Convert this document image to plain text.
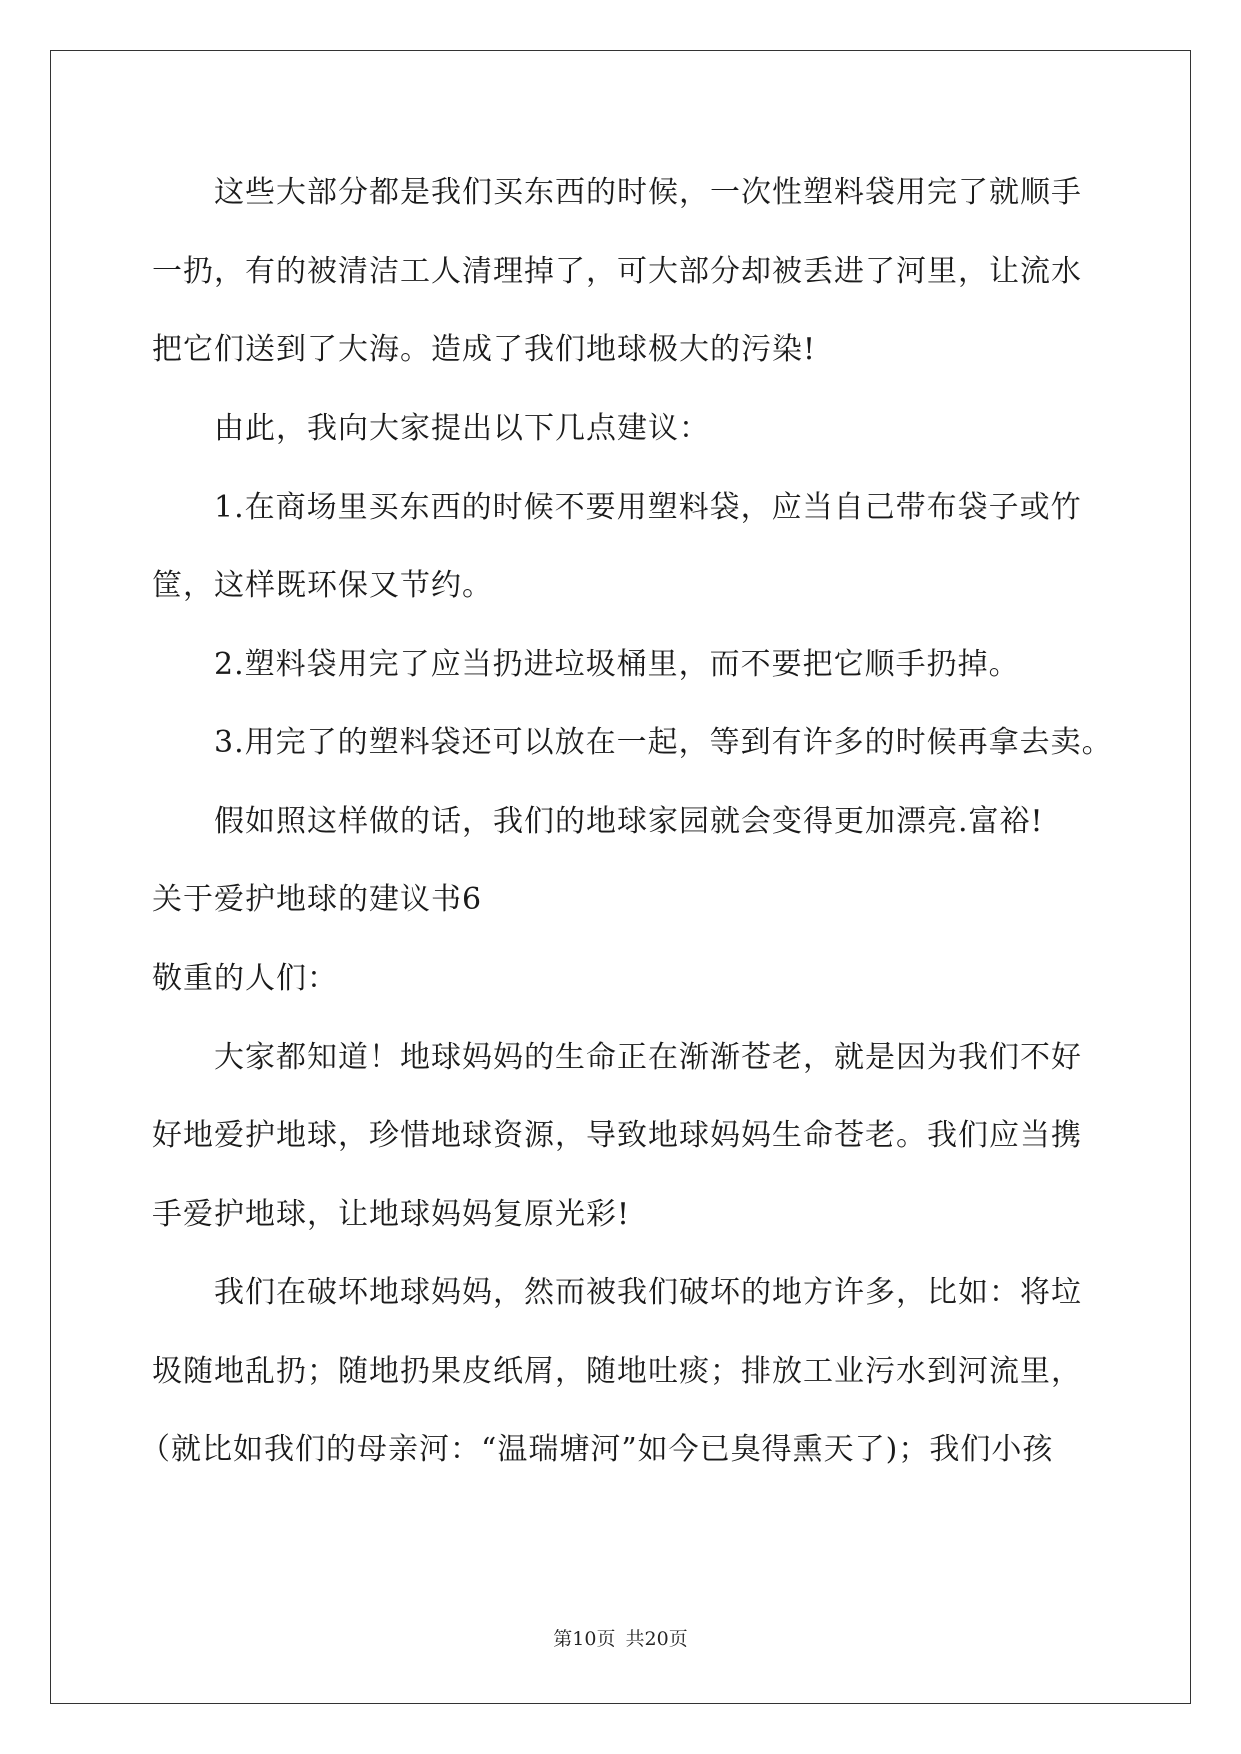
这些大部分都是我们买东西的时候，一次性塑料袋用完了就顺手
一扔，有的被清洁工人清理掉了，可大部分却被丢进了河里，让流水
把它们送到了大海。造成了我们地球极大的污染!
由此，我向大家提出以下几点建议：
1.在商场里买东西的时候不要用塑料袋，应当自己带布袋子或竹
筐，这样既环保又节约。
2.塑料袋用完了应当扔进垃圾桶里，而不要把它顺手扔掉。
3.用完了的塑料袋还可以放在一起，等到有许多的时候再拿去卖。
假如照这样做的话，我们的地球家园就会变得更加漂亮.富裕!
关于爱护地球的建议书6
敬重的人们：
大家都知道！地球妈妈的生命正在渐渐苍老，就是因为我们不好
好地爱护地球，珍惜地球资源，导致地球妈妈生命苍老。我们应当携
手爱护地球，让地球妈妈复原光彩!
我们在破坏地球妈妈，然而被我们破坏的地方许多，比如：将垃
圾随地乱扔；随地扔果皮纸屑，随地吐痰；排放工业污水到河流里，
（就比如我们的母亲河：“温瑞塘河”如今已臭得熏天了)；我们小孩
第10页 共20页
